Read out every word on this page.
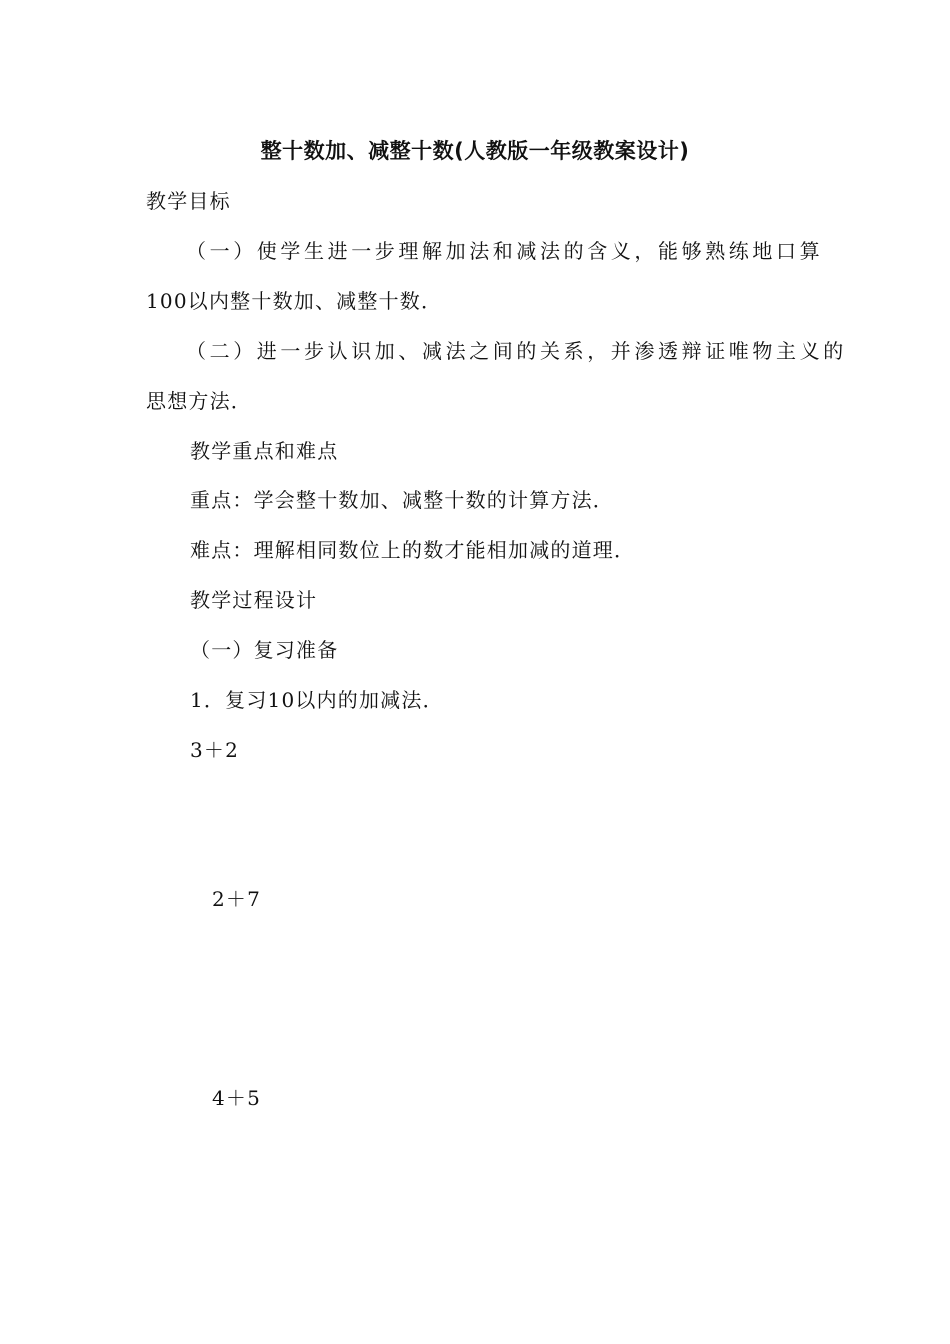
整十数加、减整十数(人教版一年级教案设计)
教学目标
（一）使学生进一步理解加法和减法的含义，能够熟练地口算
100以内整十数加、减整十数．
（二）进一步认识加、减法之间的关系，并渗透辩证唯物主义的
思想方法．
教学重点和难点
重点：学会整十数加、减整十数的计算方法．
难点：理解相同数位上的数才能相加减的道理．
教学过程设计
（一）复习准备
1．复习10以内的加减法．
3＋2
2＋7
4＋5
